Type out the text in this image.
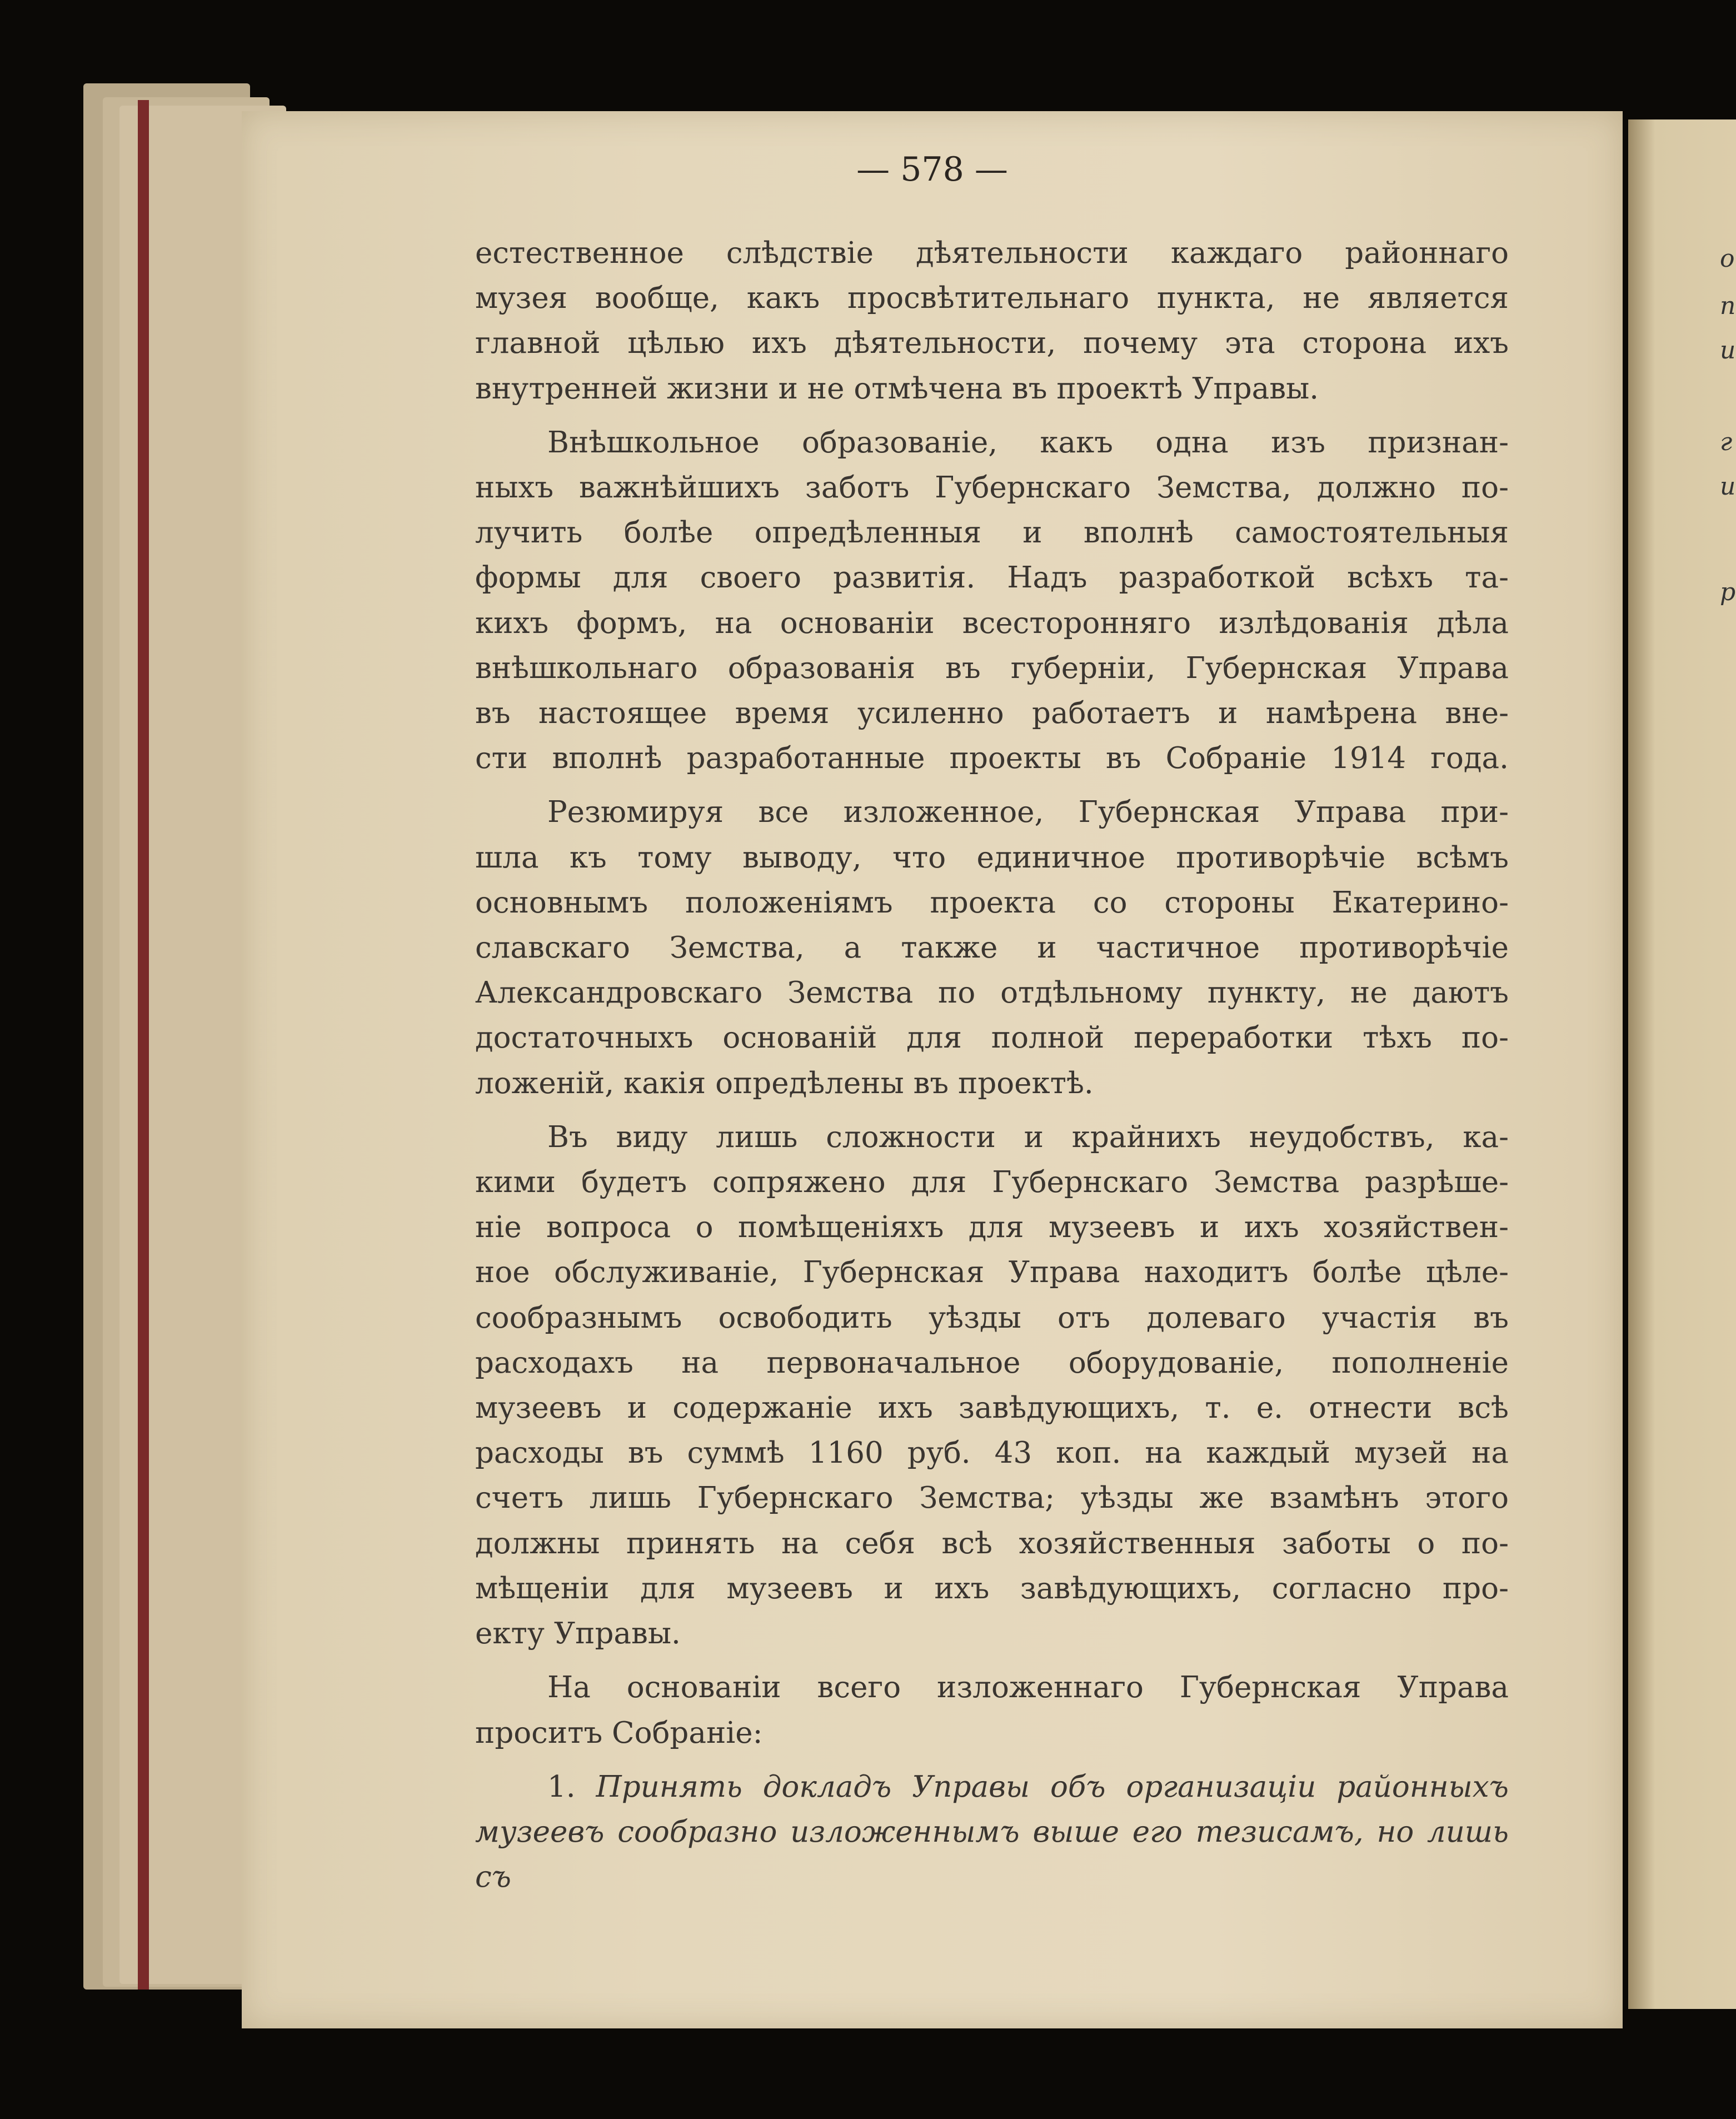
о
п
и
г
и
р
— 578 —

естественное слѣдствіе дѣятельности каждаго районнаго

музея вообще, какъ просвѣтительнаго пункта, не является

главной цѣлью ихъ дѣятельности, почему эта сторона ихъ

внутренней жизни и не отмѣчена въ проектѣ Управы.

Внѣшкольное образованіе, какъ одна изъ признан-

ныхъ важнѣйшихъ заботъ Губернскаго Земства, должно по-

лучить болѣе опредѣленныя и вполнѣ самостоятельныя

формы для своего развитія. Надъ разработкой всѣхъ та-

кихъ формъ, на основаніи всесторонняго излѣдованія дѣла

внѣшкольнаго образованія въ губерніи, Губернская Управа

въ настоящее время усиленно работаетъ и намѣрена вне-

сти вполнѣ разработанные проекты въ Собраніе 1914 года.

Резюмируя все изложенное, Губернская Управа при-

шла къ тому выводу, что единичное противорѣчіе всѣмъ

основнымъ положеніямъ проекта со стороны Екатерино-

славскаго Земства, а также и частичное противорѣчіе

Александровскаго Земства по отдѣльному пункту, не даютъ

достаточныхъ основаній для полной переработки тѣхъ по-

ложеній, какія опредѣлены въ проектѣ.

Въ виду лишь сложности и крайнихъ неудобствъ, ка-

кими будетъ сопряжено для Губернскаго Земства разрѣше-

ніе вопроса о помѣщеніяхъ для музеевъ и ихъ хозяйствен-

ное обслуживаніе, Губернская Управа находитъ болѣе цѣле-

сообразнымъ освободить уѣзды отъ долеваго участія въ

расходахъ на первоначальное оборудованіе, пополненіе

музеевъ и содержаніе ихъ завѣдующихъ, т. е. отнести всѣ

расходы въ суммѣ 1160 руб. 43 коп. на каждый музей на

счетъ лишь Губернскаго Земства; уѣзды же взамѣнъ этого

должны принять на себя всѣ хозяйственныя заботы о по-

мѣщеніи для музеевъ и ихъ завѣдующихъ, согласно про-

екту Управы.

На основаніи всего изложеннаго Губернская Управа

проситъ Собраніе:

1. Принять докладъ Управы объ организаціи районныхъ

музеевъ сообразно изложеннымъ выше его тезисамъ, но лишь съ
